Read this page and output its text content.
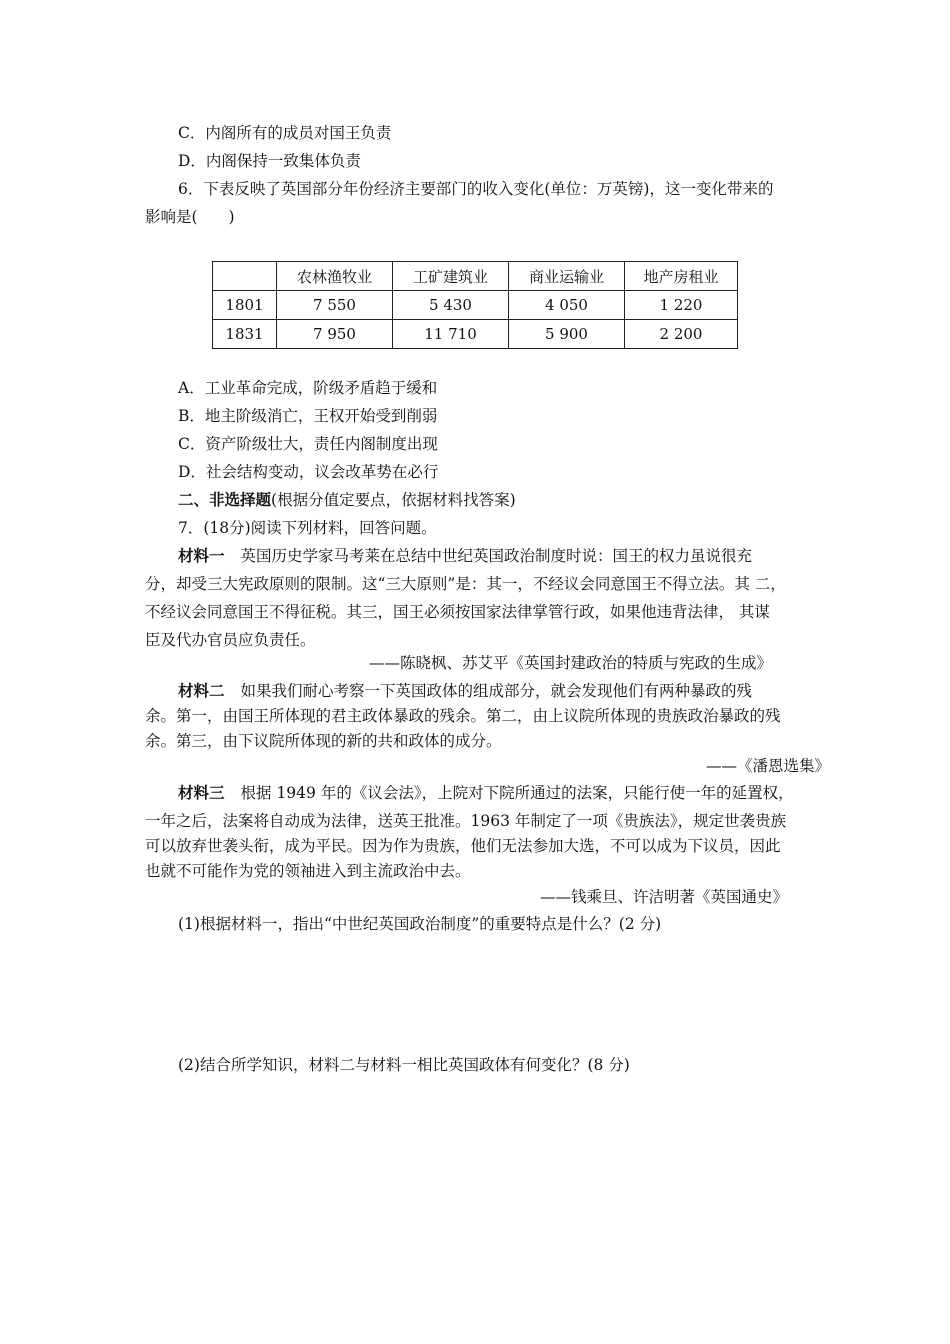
C．内阁所有的成员对国王负责
D．内阁保持一致集体负责
6．下表反映了英国部分年份经济主要部门的收入变化(单位：万英镑)，这一变化带来的
影响是(　　)
	农林渔牧业	工矿建筑业	商业运输业	地产房租业
1801	7 550	5 430	4 050	1 220
1831	7 950	11 710	5 900	2 200
A．工业革命完成，阶级矛盾趋于缓和
B．地主阶级消亡，王权开始受到削弱
C．资产阶级壮大，责任内阁制度出现
D．社会结构变动，议会改革势在必行
二、非选择题(根据分值定要点，依据材料找答案)
7．(18分)阅读下列材料，回答问题。
材料一 英国历史学家马考莱在总结中世纪英国政治制度时说：国王的权力虽说很充
分，却受三大宪政原则的限制。这“三大原则”是：其一，不经议会同意国王不得立法。其 二，
不经议会同意国王不得征税。其三，国王必须按国家法律掌管行政，如果他违背法律， 其谋
臣及代办官员应负责任。
——陈晓枫、苏艾平《英国封建政治的特质与宪政的生成》
材料二 如果我们耐心考察一下英国政体的组成部分，就会发现他们有两种暴政的残
余。第一，由国王所体现的君主政体暴政的残余。第二，由上议院所体现的贵族政治暴政的残
余。第三，由下议院所体现的新的共和政体的成分。
——《潘恩选集》
材料三 根据 1949 年的《议会法》，上院对下院所通过的法案，只能行使一年的延置权，
一年之后，法案将自动成为法律，送英王批准。1963 年制定了一项《贵族法》，规定世袭贵族
可以放弃世袭头衔，成为平民。因为作为贵族，他们无法参加大选，不可以成为下议员，因此
也就不可能作为党的领袖进入到主流政治中去。
——钱乘旦、许洁明著《英国通史》
(1)根据材料一，指出“中世纪英国政治制度”的重要特点是什么？(2 分)
(2)结合所学知识，材料二与材料一相比英国政体有何变化？(8 分)
